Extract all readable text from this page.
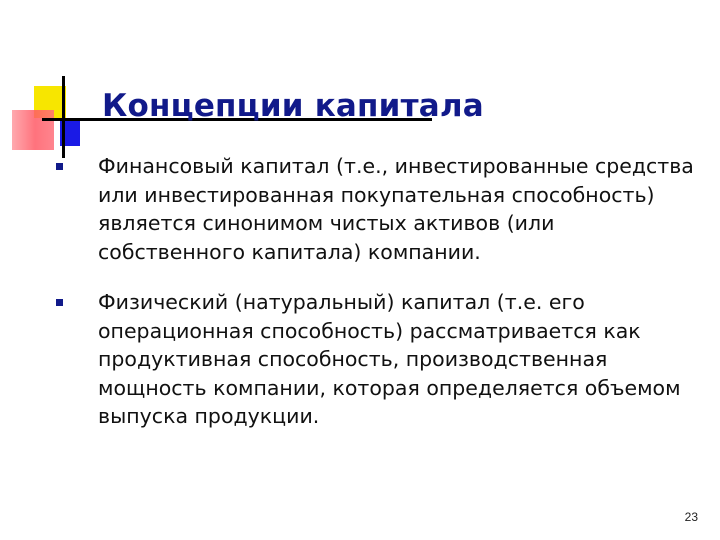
Концепции капитала
Финансовый капитал (т.е., инвестированные средства или инвестированная покупательная способность) является синонимом чистых активов (или собственного капитала) компании.
Физический (натуральный) капитал (т.е. его операционная способность) рассматривается как продуктивная способность, производственная мощность компании, которая определяется объемом выпуска продукции.
23
